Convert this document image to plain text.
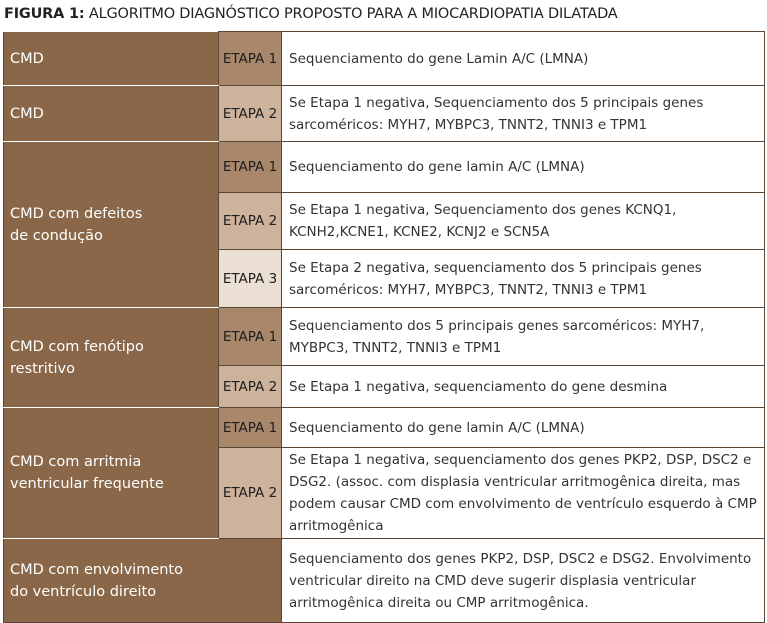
FIGURA 1: ALGORITMO DIAGNÓSTICO PROPOSTO PARA A MIOCARDIOPATIA DILATADA
CMD	ETAPA 1	Sequenciamento do gene Lamin A/C (LMNA)
CMD	ETAPA 2	Se Etapa 1 negativa, Sequenciamento dos 5 principais genes sarcoméricos: MYH7, MYBPC3, TNNT2, TNNI3 e TPM1

CMD com defeitos
de condução	ETAPA 1	Sequenciamento do gene lamin A/C (LMNA)
	ETAPA 2	Se Etapa 1 negativa, Sequenciamento dos genes KCNQ1, KCNH2,KCNE1, KCNE2, KCNJ2 e SCN5A
	ETAPA 3	Se Etapa 2 negativa, sequenciamento dos 5 principais genes sarcoméricos: MYH7, MYBPC3, TNNT2, TNNI3 e TPM1
CMD com fenótipo restritivo	ETAPA 1	Sequenciamento dos 5 principais genes sarcoméricos: MYH7, MYBPC3, TNNT2, TNNI3 e TPM1
	ETAPA 2	Se Etapa 1 negativa, sequenciamento do gene desmina

CMD com arritmia
ventricular frequente	ETAPA 1	Sequenciamento do gene lamin A/C (LMNA)
	ETAPA 2	Se Etapa 1 negativa, sequenciamento dos genes PKP2, DSP, DSC2 e DSG2. (assoc. com displasia ventricular arritmogênica direita, mas podem causar CMD com envolvimento de ventrículo esquerdo à CMP arritmogênica

CMD com envolvimento
do ventrículo direito		Sequenciamento dos genes PKP2, DSP, DSC2 e DSG2. Envolvimento ventricular direito na CMD deve sugerir displasia ventricular arritmogênica direita ou CMP arritmogênica.
